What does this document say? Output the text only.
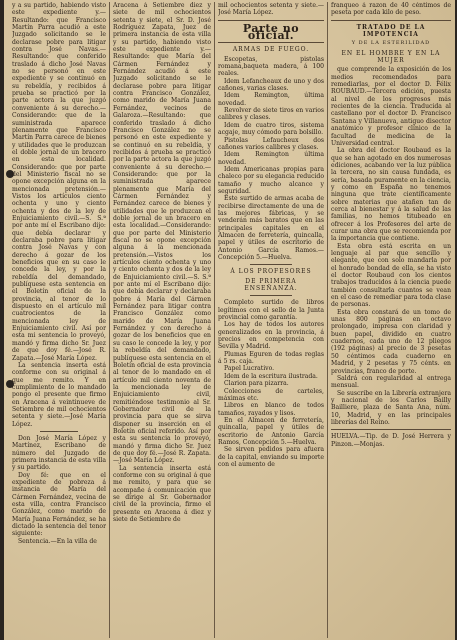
y a su partido, habiendo visto este expediente y.—Resultando: que Francisco Martín Parra acudió a este Juzgado solicitando se le declarase pobre para litigar contra José Navas.—Resultando: que conferido traslado á dicho José Navas no se personó en este expediente y se continuó en su rebeldía, y recibidos á prueba se practicó por la parte actora la que juzgó conveniente á su derecho.—Considerando: que de la suministrada aparece plenamente que Francisco Martín Parra carece de bienes y utilidades que le produzcan el doble jornal de un bracero en esta localidad. Considerando: que por parte del Ministerio fiscal no se opone excepción alguna en la mencionada pretensión.—Vistos los artículos ciento ochenta y uno y ciento ochenta y dos de la ley de Enjuiciamiento civil.—S. S.ª por ante mí el Escribano dijo: que debía declarar y declaraba pobre para litigar contra José Navas y con derecho á gozar de los beneficios que en su caso le concede la ley, y por la rebeldía del demandado, publíquese esta sentencia en el Boletín oficial de la provincia, al tenor de lo dispuesto en el artículo mil cuatrocientos de la mencionada ley de Enjuiciamiento civil. Así por esta mi sentencia lo proveyó, mandó y firma dicho Sr. Juez de que doy fé.—José R. Zapata.—José María López.

La sentencia inserta está conforme con su original á que me remito. Y en cumplimiento de lo mandado pongo el presente que firmo en Aracena á veintinueve de Setiembre de mil ochocientos setenta y siete.—José María López.

Don José María López y Martínez, Escribano de número del Juzgado de primera instancia de esta villa y su partido.

Doy fé: que en el expediente de pobreza á instancia de María del Cármen Fernández, vecina de esta villa, contra Francisco González, como marido de María Juana Fernández, se ha dictado la sentencia del tenor siguiente:

Sentencia.—En la villa de

Aracena á Setiembre diez y siete de mil ochocientos setenta y siete, el Sr. D. José Rodríguez Zapata, Juez de primera instancia de esta villa y su partido, habiendo visto este expediente y.—Resultando: que María del Cármen Fernández y Fernández acudió á este Juzgado solicitando se le declarase pobre para litigar contra Francisco González, como marido de María Juana Fernández, vecinos de Galaroza.—Resultando: que conferido traslado á dicho Francisco González no se personó en este expediente y se continuó en su rebeldía, y recibidos á prueba se practicó por la parte actora la que juzgó conveniente á su derecho.—Considerando: que por la suministrada aparece plenamente que María del Cármen Fernández y Fernández carece de bienes y utilidades que le produzcan el doble jornal de un bracero en esta localidad.—Considerando: que por parte del Ministerio fiscal no se opone excepción alguna á la mencionada pretensión.—Vistos los artículos ciento ochenta y uno y ciento ochenta y dos de la ley de Enjuiciamiento civil.—S. S.ª por ante mí el Escribano dijo: que debía declarar y declaraba pobre á María del Cármen Fernández para litigar contra Francisco González como marido de María Juana Fernández y con derecho á gozar de los beneficios que en su caso le concede la ley, y por la rebeldía del demandado, publíquese esta sentencia en el Boletín oficial de esta provincia al tenor de lo mandado en el artículo mil ciento noventa de la mencionada ley de Enjuiciamiento civil, remitiéndose testimonio al Sr. Gobernador civil de la provincia para que se sirva disponer su inserción en el Boletín oficial referido. Así por esta su sentencia lo proveyó, mandó y firma dicho Sr. Juez de que doy fé.—José R. Zapata.—José María López.

La sentencia inserta está conforme con su original á que me remito, y para que se acompañe á comunicación que se dirige al Sr. Gobernador civil de la provincia, firmo el presente en Aracena á diez y siete de Setiembre de

mil ochocientos setenta y siete.—José María López.

Parte no oficial.
ARMAS DE FUEGO.

Escopetas, pistolas romana,baqueta madera, á 100 reales.

Idem Lefancheaux de uno y dos cañones, varias clases.

Idem Remington, última novedad.

Revolver de siete tiros en varios calibres y clases.

Idem de cuatro tiros, sistema acgaje, muy cómodo para bolsillo.

Pistolas Lefaucheux dos cañones varios calibres y clases.

Idem Remington última novedad.

Idem Americanas propias para chaleco por su elegancia reducido tamaño y mucho alcance y seguridad.

Este surtido de armas acaba de recibirse directamente de una de las mejores fábricas, y se venderán más baratos que en las principales capitales en el Almacen de ferretería, quincalla, papel y útiles de escritorio de Antonio García Ramos.—Concepción 5.—Huelva.

Á LOS PROFESORES
DE PRIMERA ENSEÑANZA.

Completo surtido de libros legítimos con el sello de la Junta provincial como garantía.

Los hay de todos los autores generalizados en la provincia, á precios en competencia con Sevilla y Madrid.

Plumas Eguren de todas reglas á 5 rs. caja.

Papel Lucrativo.

Idem de la escritura ilustrada.

Clarion para pizarra.

Colecciones de carteles, máximas etc.

Libros en blanco de todos tamaños, rayados y lisos.

En el Almacen de ferretería, quincalla, papel y útiles de escritorio de Antonio García Ramos, Concepción 5.—Huelva.

Se sirven pedidos para afuera de la capital, enviando su importe con el aumento de

franqueo á razon de 40 céntimos de peseta por cada kilo de peso.

TRATADO DE LA IMPOTENCIA
Y DE LA ESTERILIDAD
EN EL HOMBRE Y EN LA MUJER

que comprende la exposición de los medios recomendados para remediarlas, por el doctor D. Félix ROUBAUD.—Tercera edición, puesta al nivel de los progresos más recientes de la ciencia. Traducida al castellano por el doctor D. Francisco Santana y Villanueva, antiguo disector anatómico y profesor clínico de la facultad de medicina de la Universidad central.

La obra del doctor Roubaud es la que se han agotado en dos numerosas ediciones, acabando ver la luz pública la tercera, no sin causa fundada, es sería, basada puramente en la ciencia, y como en España no tenemos ninguna que trate científicamente sobre materias que atañen tan de cerca al bienestar y á la salud de las familias, no hemos titubeado en ofrecer á los Profesores del arte de curar una obra que se recomienda por la importancia que contiene.

Esta obra está escrita en un lenguaje al par que sencillo y elegante, que con solo mandarla por el honrado bondad de ella, se ha visto el doctor Roubaud con los cientos trabajos traducidos á la ciencia puede también consultarla cuantos se vean en el caso de remediar para toda clase de personas.

Esta obra constará de un tomo de unas 800 páginas en octavo prolongado, impresa con claridad y buen papel, dividido en cuatro cuadernos, cada uno de 12 pliegos (192 páginas) al precio de 3 pesetas 50 céntimos cada cuaderno en Madrid, y 2 pesetas y 75 cénts. en provincias, franco de porte.

Saldrá con regularidad al entrega mensual.

Se suscribe en la Librería extranjera y nacional de los Carlos Bailly Bailliere, plaza de Santa Ana, núm. 10, Madrid, y en las principales librerías del Reino.

HUELVA.—Tip. de D. José Herrera y Pinzon.—Monjas.
